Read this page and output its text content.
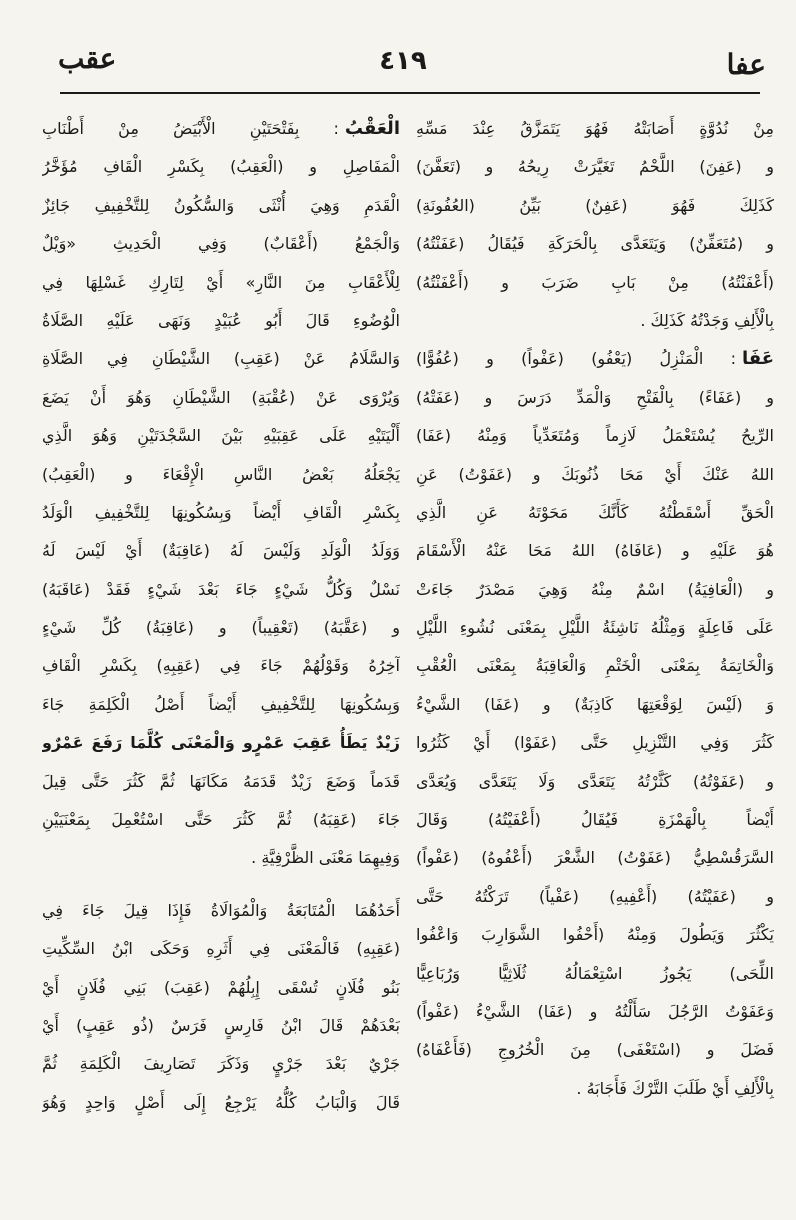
عفا
٤١٩
عقب
مِنْ نُدُوَّةٍ أَصَابَتْهُ فَهُوَ يَتَمَزَّقُ عِنْدَ مَسِّهِ
و (عَفِنَ) اللَّحْمُ تَغَيَّرَتْ رِيحُهُ و (تَعَفَّنَ)
كَذَلِكَ فَهُوَ (عَفِنٌ) بَيِّنُ (العُفُونَةِ)
و (مُتَعَفِّنٌ) وَيَتَعَدَّى بِالْحَرَكَةِ فَيُقَالُ (عَفَنْتُهُ)
(أَعْفَنْتُهُ) مِنْ بَابِ ضَرَبَ و (أَعْفَنْتُهُ)
بِالْأَلِفِ وَجَدْتُهُ كَذَلِكَ .
عَفَا: الْمَنْزِلُ (يَعْفُو) (عَفْواً) و (عُفُوًّا)
و (عَفَاءً) بِالْفَتْحِ وَالْمَدِّ دَرَسَ و (عَفَتْهُ)
الرِّيحُ يُسْتَعْمَلُ لَازِماً وَمُتَعَدِّياً وَمِنْهُ (عَفَا)
اللهُ عَنْكَ أَيْ مَحَا ذُنُوبَكَ و (عَفَوْتُ) عَنِ
الْحَقِّ أَسْقَطْتُهُ كَأَنَّكَ مَحَوْتَهُ عَنِ الَّذِي
هُوَ عَلَيْهِ و (عَافَاهُ) اللهُ مَحَا عَنْهُ الْأَسْقَامَ
و (الْعَافِيَةُ) اسْمٌ مِنْهُ وَهِيَ مَصْدَرٌ جَاءَتْ
عَلَى فَاعِلَةٍ وَمِثْلُهُ نَاشِئَةُ اللَّيْلِ بِمَعْنَى نُشُوءِ اللَّيْلِ
وَالْخَاتِمَةُ بِمَعْنَى الْخَتْمِ وَالْعَاقِبَةُ بِمَعْنَى الْعُقْبِ
وَ (لَيْسَ لِوَقْعَتِهَا كَاذِبَةٌ) و (عَفَا) الشَّيْءُ
كَثُرَ وَفِي التَّنْزِيلِ حَتَّى (عَفَوْا) أَيْ كَثُرُوا
و (عَفَوْتُهُ) كَثَّرْتُهُ يَتَعَدَّى وَلَا يَتَعَدَّى وَيُعَدَّى
أَيْضاً بِالْهَمْزَةِ فَيُقَالُ (أَعْفَيْتُهُ) وَقَالَ
السَّرَقُسْطِيُّ (عَفَوْتُ) الشَّعْرَ (أَعْفُوهُ) (عَفْواً)
و (عَفَيْتُهُ) (أَعْفِيهِ) (عَفْياً) تَرَكْتُهُ حَتَّى
يَكْثُرَ وَيَطُولَ وَمِنْهُ (أَحْفُوا الشَّوَارِبَ وَاعْفُوا
اللِّحَى) يَجُوزُ اسْتِعْمَالُهُ ثُلَاثِيًّا وَرُبَاعِيًّا
وَعَفَوْتُ الرَّجُلَ سَأَلْتُهُ و (عَفَا) الشَّيْءُ (عَفْواً)
فَضَلَ و (اسْتَعْفَى) مِنَ الْخُرُوجِ (فَأَعْفَاهُ)
بِالْأَلِفِ أَيْ طَلَبَ التَّرْكَ فَأَجَابَهُ .
الْعَقْبُ: بِفَتْحَتَيْنِ الْأَبْيَضُ مِنْ أَطْنَابِ
الْمَفَاصِلِ و (الْعَقِبُ) بِكَسْرِ الْقَافِ مُؤَخَّرُ
الْقَدَمِ وَهِيَ أُنْثَى وَالسُّكُونُ لِلتَّخْفِيفِ جَائِزٌ
وَالْجَمْعُ (أَعْقَابٌ) وَفِي الْحَدِيثِ «وَيْلٌ
لِلْأَعْقَابِ مِنَ النَّارِ» أَيْ لِتَارِكِ غَسْلِهَا فِي
الْوُضُوءِ قَالَ أَبُو عُبَيْدٍ وَنَهَى عَلَيْهِ الصَّلَاةُ
وَالسَّلَامُ عَنْ (عَقِبِ) الشَّيْطَانِ فِي الصَّلَاةِ
وَيُرْوَى عَنْ (عُقْبَةِ) الشَّيْطَانِ وَهُوَ أَنْ يَضَعَ
أَلْيَتَيْهِ عَلَى عَقِبَيْهِ بَيْنَ السَّجْدَتَيْنِ وَهُوَ الَّذِي
يَجْعَلُهُ بَعْضُ النَّاسِ الْإِقْعَاءَ و (الْعَقِبُ)
بِكَسْرِ الْقَافِ أَيْضاً وَبِسُكُونِهَا لِلتَّخْفِيفِ الْوَلَدُ
وَوَلَدُ الْوَلَدِ وَلَيْسَ لَهُ (عَاقِبَةٌ) أَيْ لَيْسَ لَهُ
نَسْلٌ وَكُلُّ شَيْءٍ جَاءَ بَعْدَ شَيْءٍ فَقَدْ (عَاقَبَهُ)
و (عَقَّبَهُ) (تَعْقِيباً) و (عَاقِبَةُ) كُلِّ شَيْءٍ
آخِرُهُ وَقَوْلُهُمْ جَاءَ فِي (عَقِبِهِ) بِكَسْرِ الْقَافِ
وَبِسُكُونِهَا لِلتَّخْفِيفِ أَيْضاً أَصْلُ الْكَلِمَةِ جَاءَ
زَيْدٌ يَطَأُ عَقِبَ عَمْرٍو وَالْمَعْنَى كُلَّمَا رَفَعَ عَمْرٌو
قَدَماً وَضَعَ زَيْدٌ قَدَمَهُ مَكَانَهَا ثُمَّ كَثُرَ حَتَّى قِيلَ
جَاءَ (عَقِبَهُ) ثُمَّ كَثُرَ حَتَّى اسْتُعْمِلَ بِمَعْنَيَيْنِ
وَفِيهِمَا مَعْنَى الظَّرْفِيَّةِ .
أَحَدُهُمَا الْمُتَابَعَةُ وَالْمُوَالَاةُ فَإِذَا قِيلَ جَاءَ فِي
(عَقِبِهِ) فَالْمَعْنَى فِي أَثَرِهِ وَحَكَى ابْنُ السِّكِّيتِ
بَنُو فُلَانٍ تُسْقَى إِبِلُهُمْ (عَقِبَ) بَنِي فُلَانٍ أَيْ
بَعْدَهُمْ قَالَ ابْنُ فَارِسٍ فَرَسٌ (ذُو عَقِبٍ) أَيْ
جَرْيٌ بَعْدَ جَرْيٍ وَذَكَرَ تَصَارِيفَ الْكَلِمَةِ ثُمَّ
قَالَ وَالْبَابُ كُلُّهُ يَرْجِعُ إِلَى أَصْلٍ وَاحِدٍ وَهُوَ
